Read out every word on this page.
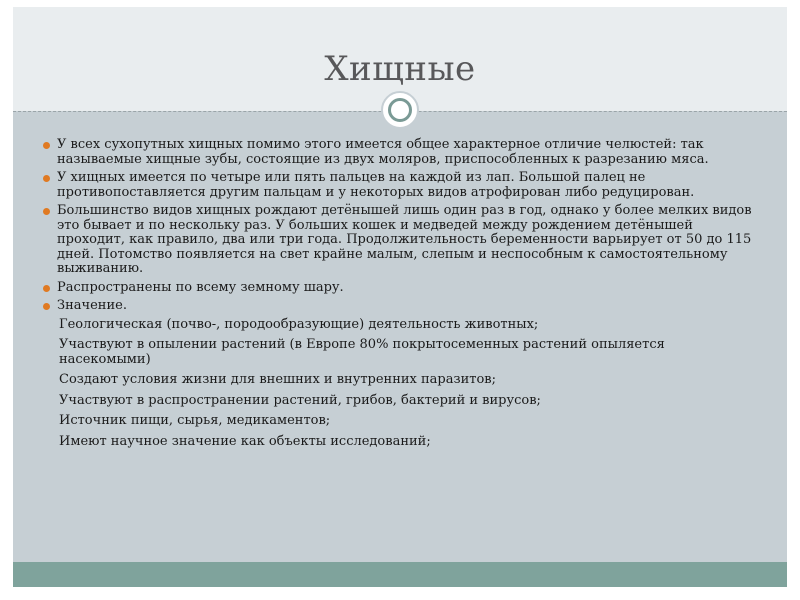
Хищные
У всех сухопутных хищных помимо этого имеется общее характерное отличие челюстей: так называемые хищные зубы, состоящие из двух моляров, приспособленных к разрезанию мяса.
У хищных имеется по четыре или пять пальцев на каждой из лап. Большой палец не противопоставляется другим пальцам и у некоторых видов атрофирован либо редуцирован.
Большинство видов хищных рождают детёнышей лишь один раз в год, однако у более мелких видов это бывает и по нескольку раз. У больших кошек и медведей между рождением детёнышей проходит, как правило, два или три года. Продолжительность беременности варьирует от 50 до 115 дней. Потомство появляется на свет крайне малым, слепым и неспособным к самостоятельному выживанию.
Распространены по всему земному шару.
Значение.
Геологическая (почво-, породообразующие) деятельность животных;
Участвуют в опылении растений (в Европе 80% покрытосеменных растений опыляется насекомыми)
Создают условия жизни для внешних и внутренних паразитов;
Участвуют в распространении растений, грибов, бактерий и вирусов;
Источник пищи, сырья, медикаментов;
Имеют научное значение как объекты исследований;
